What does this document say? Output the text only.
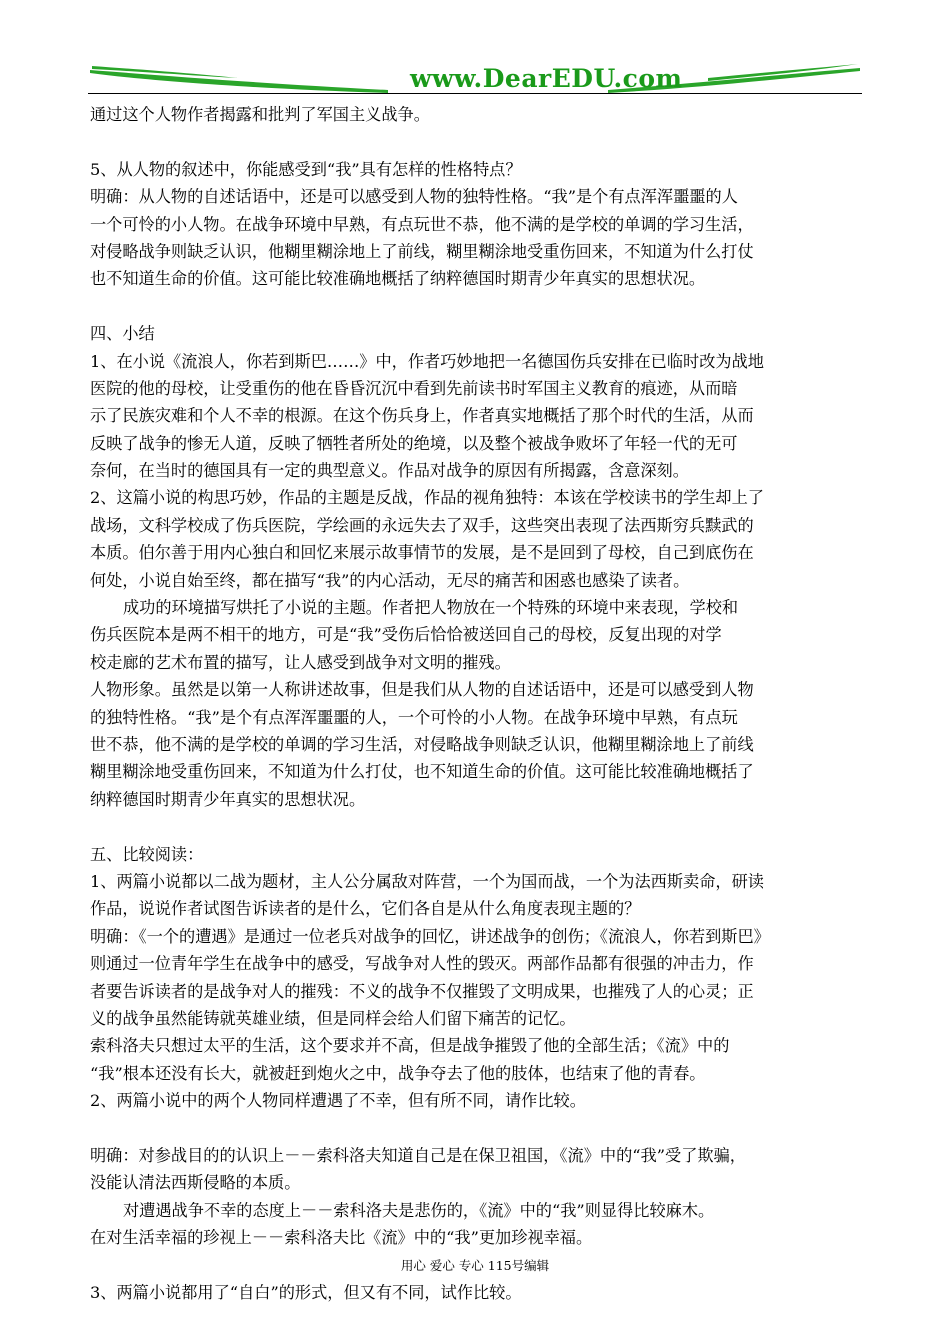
www.DearEDU.com
通过这个人物作者揭露和批判了军国主义战争。
5、从人物的叙述中，你能感受到“我”具有怎样的性格特点？
明确：从人物的自述话语中，还是可以感受到人物的独特性格。“我”是个有点浑浑噩噩的人
一个可怜的小人物。在战争环境中早熟，有点玩世不恭，他不满的是学校的单调的学习生活，
对侵略战争则缺乏认识，他糊里糊涂地上了前线，糊里糊涂地受重伤回来，不知道为什么打仗
也不知道生命的价值。这可能比较准确地概括了纳粹德国时期青少年真实的思想状况。
四、小结
1、在小说《流浪人，你若到斯巴……》中，作者巧妙地把一名德国伤兵安排在已临时改为战地
医院的他的母校，让受重伤的他在昏昏沉沉中看到先前读书时军国主义教育的痕迹，从而暗
示了民族灾难和个人不幸的根源。在这个伤兵身上，作者真实地概括了那个时代的生活，从而
反映了战争的惨无人道，反映了牺牲者所处的绝境，以及整个被战争败坏了年轻一代的无可
奈何，在当时的德国具有一定的典型意义。作品对战争的原因有所揭露，含意深刻。
2、这篇小说的构思巧妙，作品的主题是反战，作品的视角独特：本该在学校读书的学生却上了
战场，文科学校成了伤兵医院，学绘画的永远失去了双手，这些突出表现了法西斯穷兵黩武的
本质。伯尔善于用内心独白和回忆来展示故事情节的发展，是不是回到了母校，自己到底伤在
何处，小说自始至终，都在描写“我”的内心活动，无尽的痛苦和困惑也感染了读者。
成功的环境描写烘托了小说的主题。作者把人物放在一个特殊的环境中来表现，学校和
伤兵医院本是两不相干的地方，可是“我”受伤后恰恰被送回自己的母校，反复出现的对学
校走廊的艺术布置的描写，让人感受到战争对文明的摧残。
人物形象。虽然是以第一人称讲述故事，但是我们从人物的自述话语中，还是可以感受到人物
的独特性格。“我”是个有点浑浑噩噩的人，一个可怜的小人物。在战争环境中早熟，有点玩
世不恭，他不满的是学校的单调的学习生活，对侵略战争则缺乏认识，他糊里糊涂地上了前线
糊里糊涂地受重伤回来，不知道为什么打仗，也不知道生命的价值。这可能比较准确地概括了
纳粹德国时期青少年真实的思想状况。
五、比较阅读：
1、两篇小说都以二战为题材，主人公分属敌对阵营，一个为国而战，一个为法西斯卖命，研读
作品，说说作者试图告诉读者的是什么，它们各自是从什么角度表现主题的？
明确：《一个的遭遇》是通过一位老兵对战争的回忆，讲述战争的创伤；《流浪人，你若到斯巴》
则通过一位青年学生在战争中的感受，写战争对人性的毁灭。两部作品都有很强的冲击力，作
者要告诉读者的是战争对人的摧残：不义的战争不仅摧毁了文明成果，也摧残了人的心灵；正
义的战争虽然能铸就英雄业绩，但是同样会给人们留下痛苦的记忆。
索科洛夫只想过太平的生活，这个要求并不高，但是战争摧毁了他的全部生活；《流》中的
“我”根本还没有长大，就被赶到炮火之中，战争夺去了他的肢体，也结束了他的青春。
2、两篇小说中的两个人物同样遭遇了不幸，但有所不同，请作比较。
明确：对参战目的的认识上－－索科洛夫知道自己是在保卫祖国，《流》中的“我”受了欺骗，
没能认清法西斯侵略的本质。
对遭遇战争不幸的态度上－－索科洛夫是悲伤的，《流》中的“我”则显得比较麻木。
在对生活幸福的珍视上－－索科洛夫比《流》中的“我”更加珍视幸福。
3、两篇小说都用了“自白”的形式，但又有不同，试作比较。
用心 爱心 专心 115号编辑
